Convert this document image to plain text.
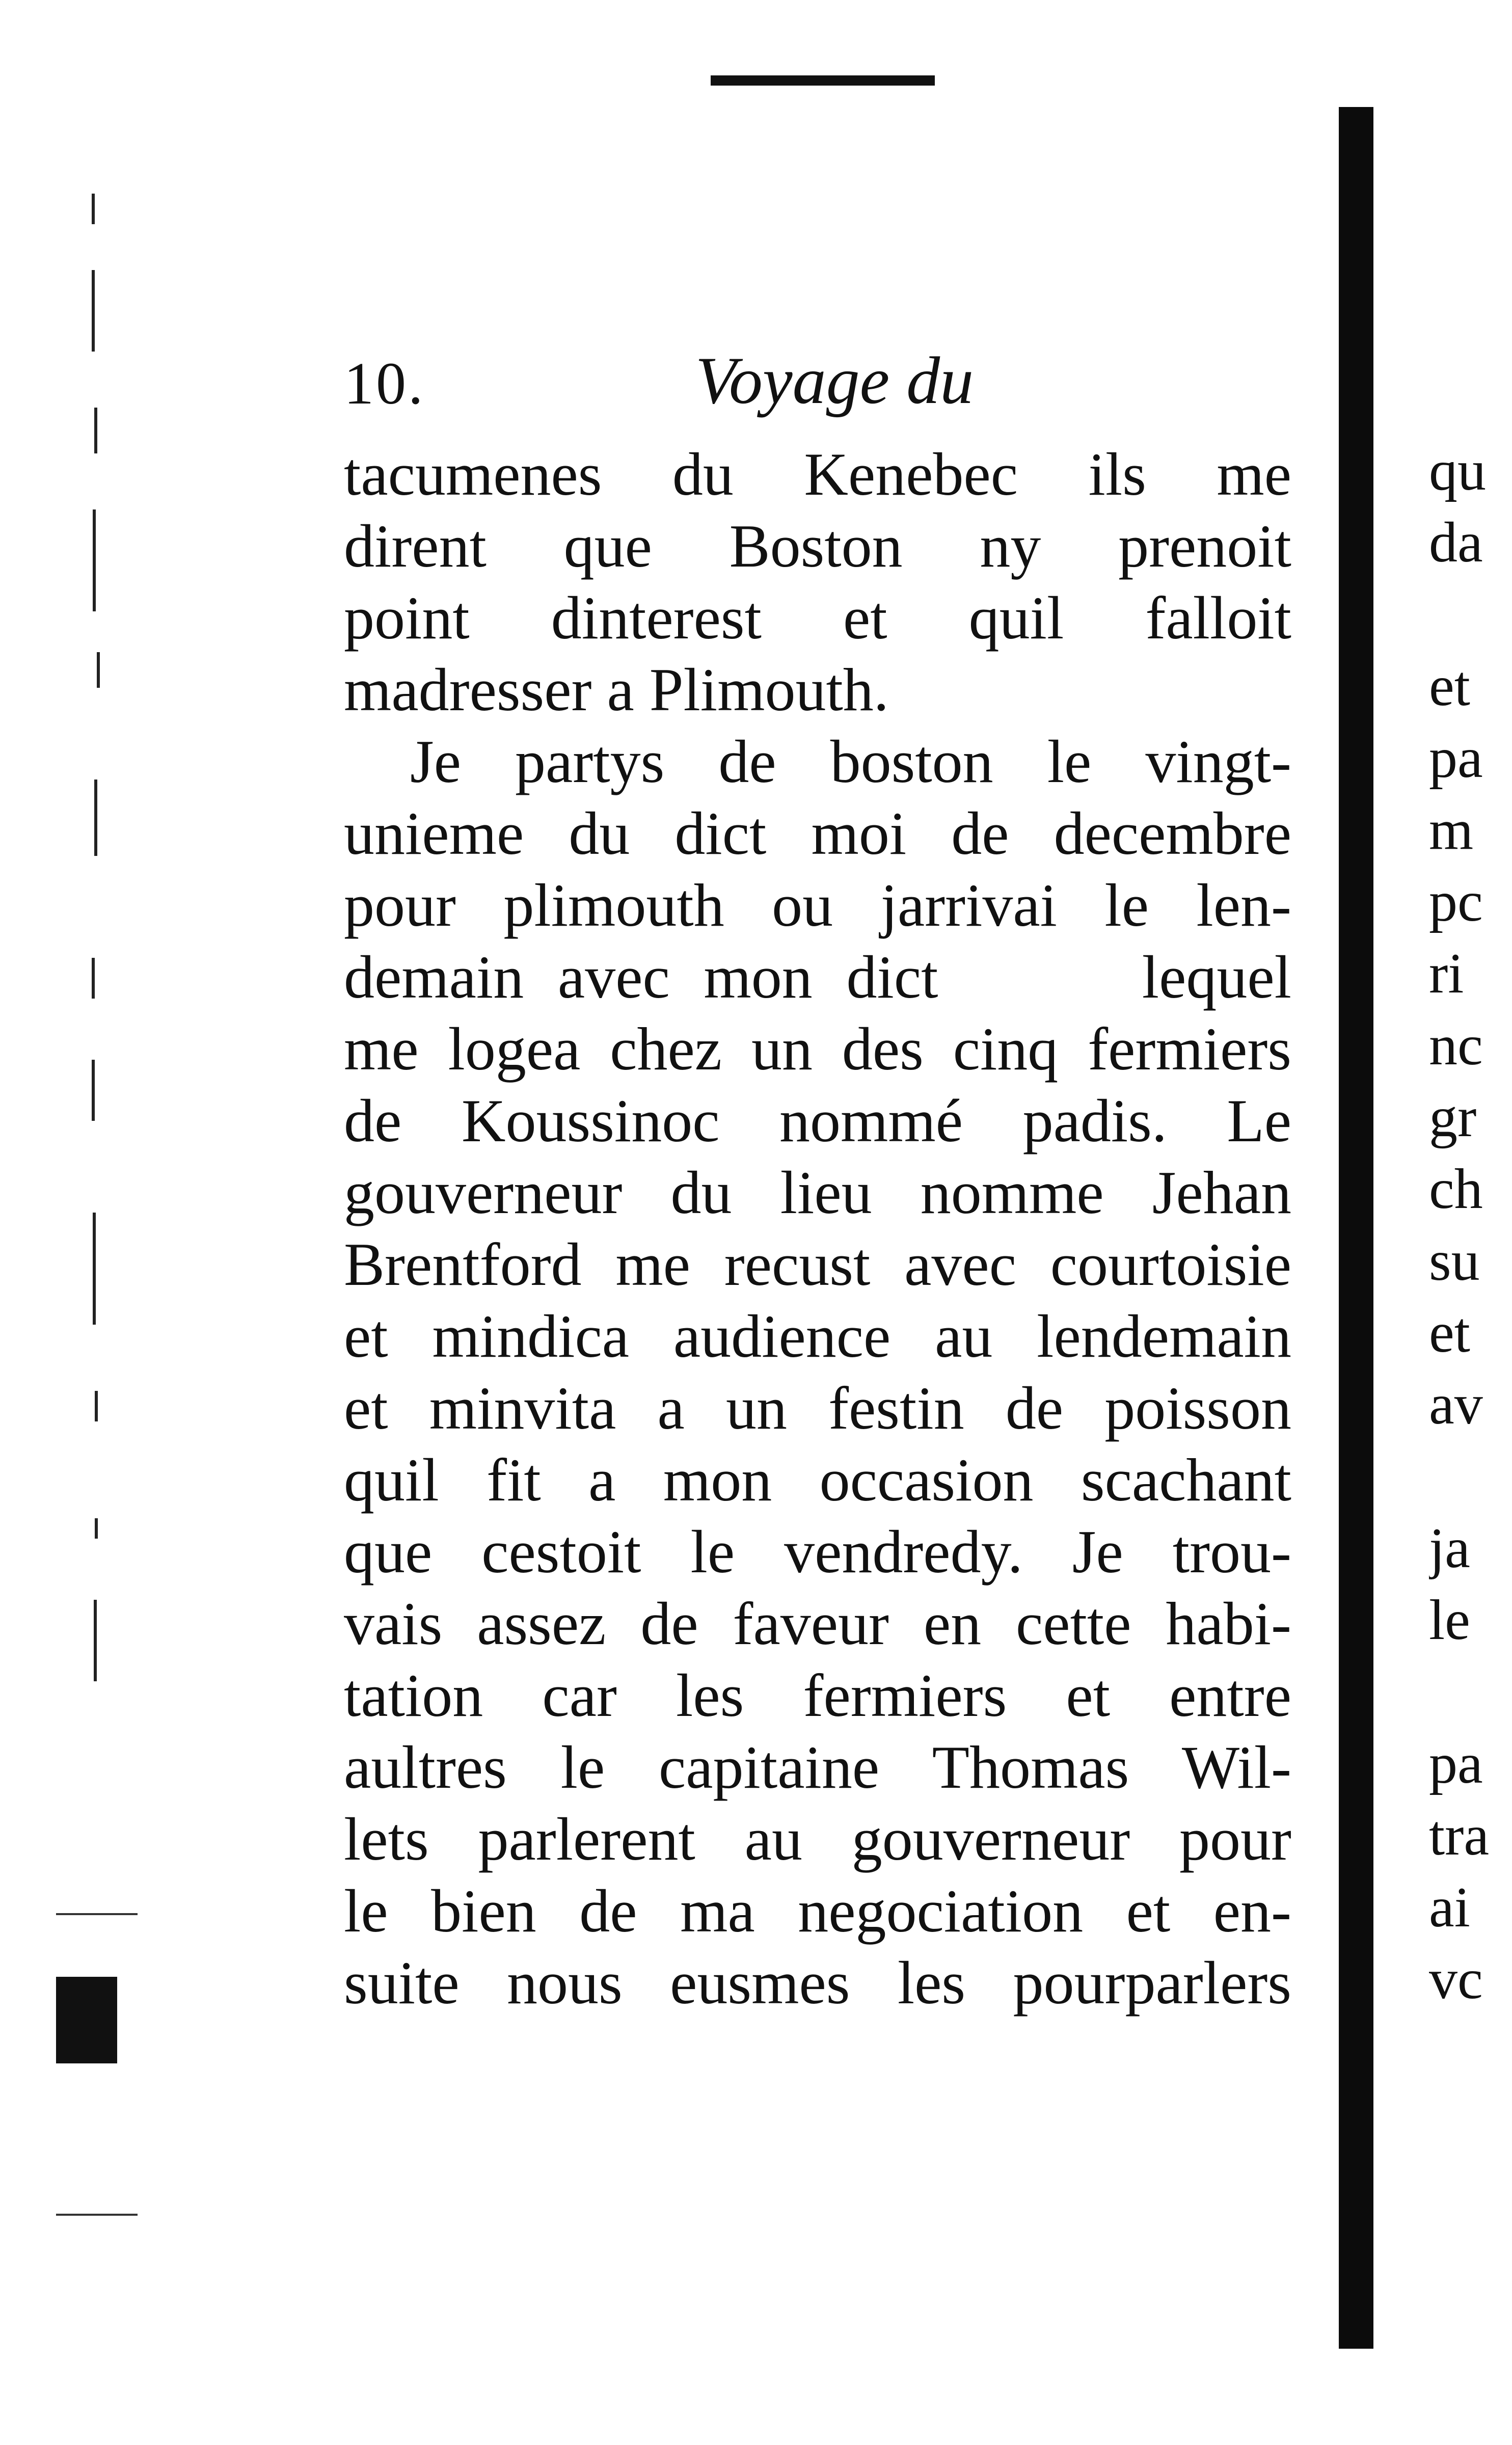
10.	Voyage du
tacumenes du Kenebec ils me
dirent que Boston ny prenoit
point dinterest et quil falloit
madresser a Plimouth.
Je partys de boston le vingt-
unieme du dict moi de decembre
pour plimouth ou jarrivai le len-
demain avec mon dict      lequel
me logea chez un des cinq fermiers
de Koussinoc nommé padis. Le
gouverneur du lieu nomme Jehan
Brentford me recust avec courtoisie
et mindica audience au lendemain
et minvita a un festin de poisson
quil fit a mon occasion scachant
que cestoit le vendredy. Je trou-
vais assez de faveur en cette habi-
tation car les fermiers et entre
aultres le capitaine Thomas Wil-
lets parlerent au gouverneur pour
le bien de ma negociation et en-
suite nous eusmes les pourparlers
qu
da
et
pa
m
pc
ri
nc
gr
ch
su
et
av
ja
le
pa
tra
ai
vc
